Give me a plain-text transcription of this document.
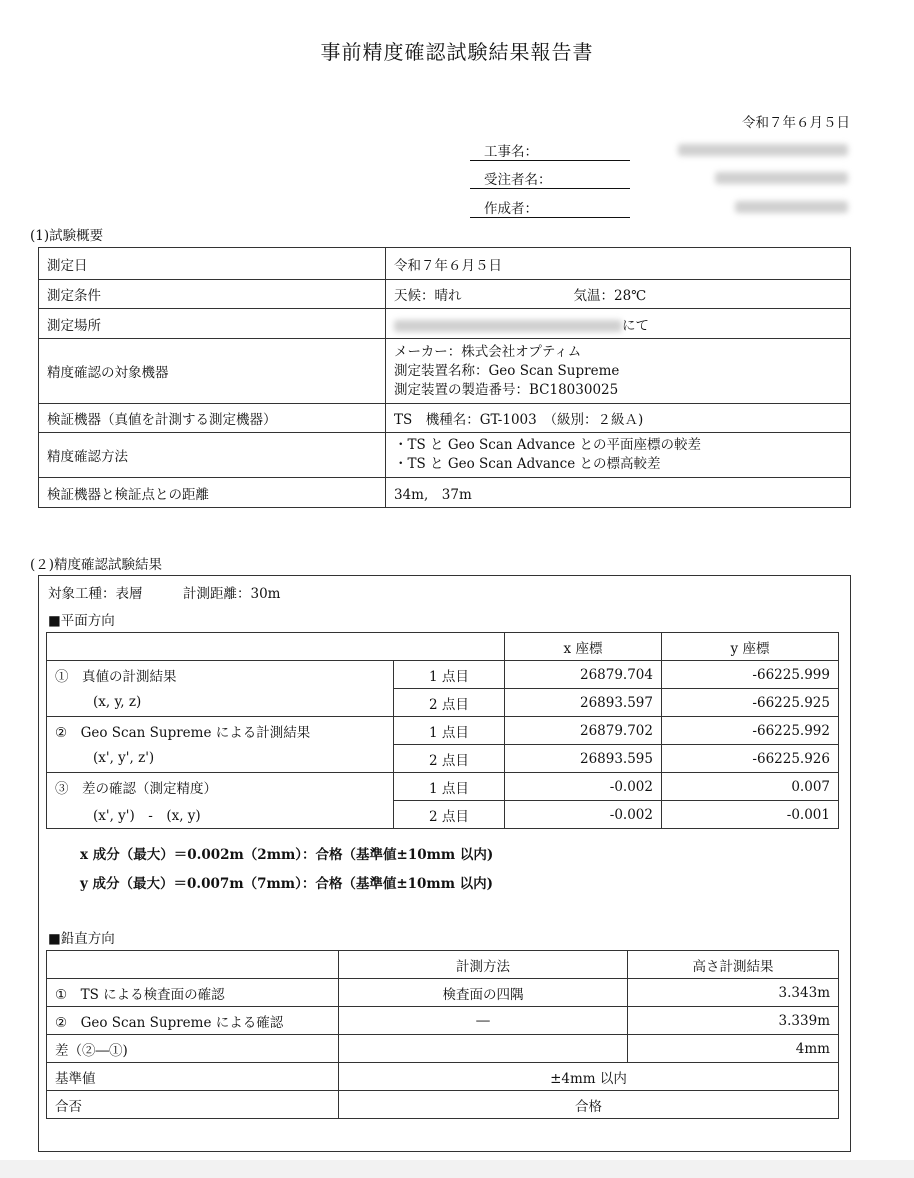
事前精度確認試験結果報告書
令和７年６月５日
工事名：
受注者名：
作成者：
(1)試験概要
測定日	令和７年６月５日
測定条件	天候：晴れ 気温：28℃
測定場所	にて
精度確認の対象機器	メーカー：株式会社オプティム
測定装置名称：Geo Scan Supreme
測定装置の製造番号：BC18030025

検証機器（真値を計測する測定機器）	TS　機種名：GT-1003　（級別：２級Ａ)
精度確認方法	・TS と Geo Scan Advance との平面座標の較差
・TS と Geo Scan Advance との標高較差

検証機器と検証点との距離	34m,　37m
(２)精度確認試験結果
対象工種：表層　　　計測距離：30m
■平面方向
		x 座標	y 座標
①　真値の計測結果	1 点目	26879.704	-66225.999
(x, y, z)	2 点目	26893.597	-66225.925
②　Geo Scan Supreme による計測結果	1 点目	26879.702	-66225.992
(x', y', z')	2 点目	26893.595	-66225.926
③　差の確認（測定精度）	1 点目	-0.002	0.007
(x', y')　-　(x, y)	2 点目	-0.002	-0.001
x 成分（最大）＝0.002m（2mm）：合格（基準値±10mm 以内)
y 成分（最大）＝0.007m（7mm）：合格（基準値±10mm 以内)
■鉛直方向
	計測方法	高さ計測結果
①　TS による検査面の確認	検査面の四隅	3.343m
②　Geo Scan Supreme による確認	―	3.339m
差（②―①)		4mm
基準値	±4mm 以内	
合否	合格	
